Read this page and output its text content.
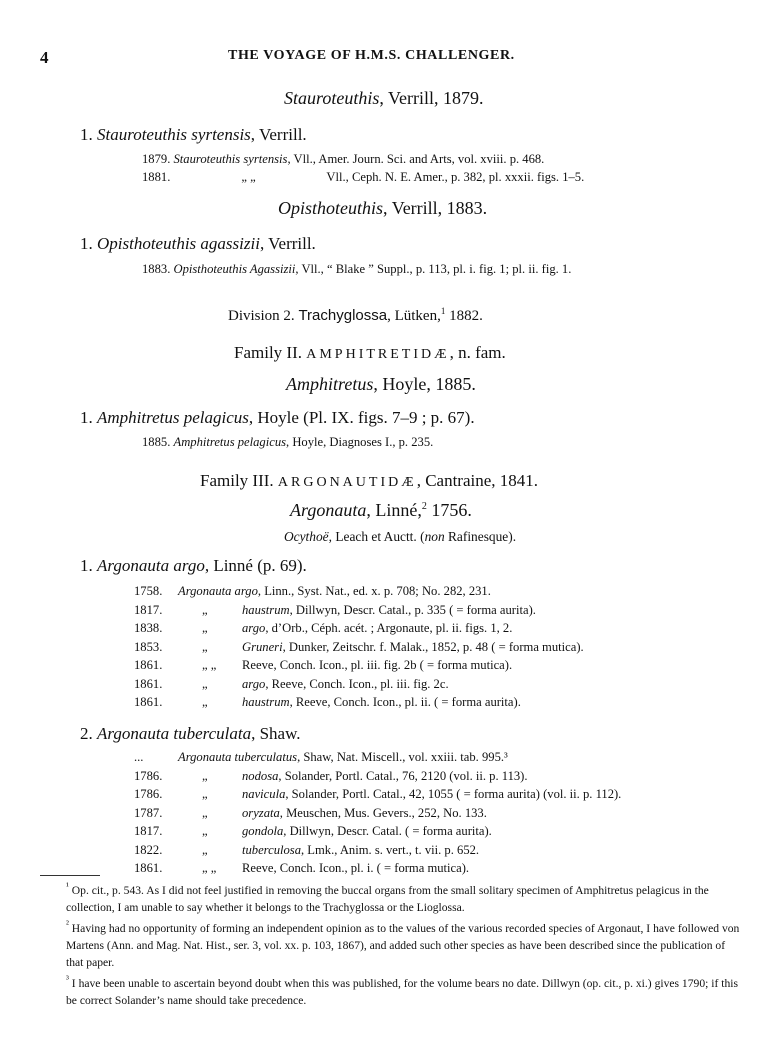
4	THE VOYAGE OF H.M.S. CHALLENGER.
Stauroteuthis, Verrill, 1879.
1. Stauroteuthis syrtensis, Verrill.
1879. Stauroteuthis syrtensis, Vll., Amer. Journ. Sci. and Arts, vol. xviii. p. 468.
1881.	„ „	Vll., Ceph. N. E. Amer., p. 382, pl. xxxii. figs. 1–5.
Opisthoteuthis, Verrill, 1883.
1. Opisthoteuthis agassizii, Verrill.
1883. Opisthoteuthis Agassizii, Vll., “ Blake ” Suppl., p. 113, pl. i. fig. 1; pl. ii. fig. 1.
Division 2. Trachyglossa, Lütken,$^1$ 1882.
Family II. AMPHITRETIDÆ, n. fam.
Amphitretus, Hoyle, 1885.
1. Amphitretus pelagicus, Hoyle (Pl. IX. figs. 7–9 ; p. 67).
1885. Amphitretus pelagicus, Hoyle, Diagnoses I., p. 235.
Family III. ARGONAUTIDÆ, Cantraine, 1841.
Argonauta, Linné,$^2$ 1756.
Ocythoë, Leach et Auctt. (non Rafinesque).
1. Argonauta argo, Linné (p. 69).
1758. Argonauta argo, Linn., Syst. Nat., ed. x. p. 708; No. 282, 231.
1817.	„	haustrum, Dillwyn, Descr. Catal., p. 335 ( = forma aurita).
1838.	„	argo, d’Orb., Céph. acét. ; Argonaute, pl. ii. figs. 1, 2.
1853.	„	Gruneri, Dunker, Zeitschr. f. Malak., 1852, p. 48 ( = forma mutica).
1861.	„ „ Reeve, Conch. Icon., pl. iii. fig. 2b ( = forma mutica).
1861.	„	argo, Reeve, Conch. Icon., pl. iii. fig. 2c.
1861.	„	haustrum, Reeve, Conch. Icon., pl. ii. ( = forma aurita).
2. Argonauta tuberculata, Shaw.
...	Argonauta tuberculatus, Shaw, Nat. Miscell., vol. xxiii. tab. 995.³
1786.	„	nodosa, Solander, Portl. Catal., 76, 2120 (vol. ii. p. 113).
1786.	„	navicula, Solander, Portl. Catal., 42, 1055 ( = forma aurita) (vol. ii. p. 112).
1787.	„	oryzata, Meuschen, Mus. Gevers., 252, No. 133.
1817.	„	gondola, Dillwyn, Descr. Catal. ( = forma aurita).
1822.	„	tuberculosa, Lmk., Anim. s. vert., t. vii. p. 652.
1861.	„ „ Reeve, Conch. Icon., pl. i. ( = forma mutica).

$^{^1}$ Op. cit., p. 543. As I did not feel justified in removing the buccal organs from the small solitary specimen of Amphitretus pelagicus in the collection, I am unable to say whether it belongs to the Trachyglossa or the Lioglossa.

$^{^2}$ Having had no opportunity of forming an independent opinion as to the values of the various recorded species of Argonaut, I have followed von Martens (Ann. and Mag. Nat. Hist., ser. 3, vol. xx. p. 103, 1867), and added such other species as have been described since the publication of that paper.

$^{^3}$ I have been unable to ascertain beyond doubt when this was published, for the volume bears no date. Dillwyn (op. cit., p. xi.) gives 1790; if this be correct Solander’s name should take precedence.
